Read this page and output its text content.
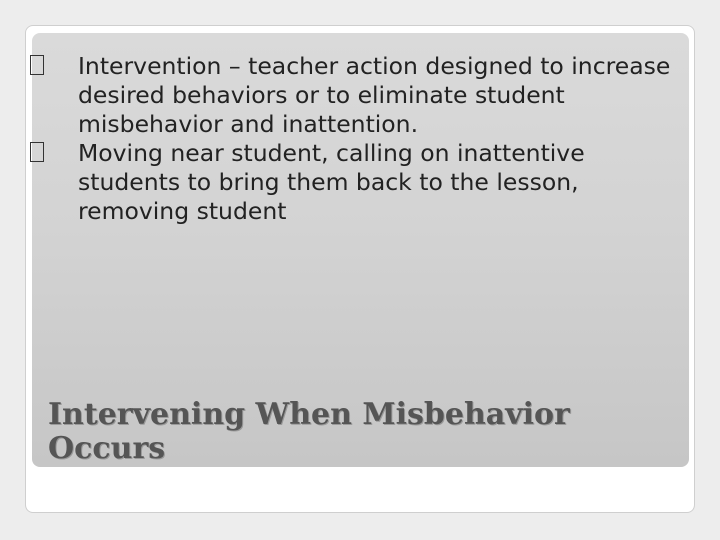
Intervention – teacher action designed to increase desired behaviors or to eliminate student misbehavior and inattention.
Moving near student, calling on inattentive students to bring them back to the lesson, removing student
Intervening When Misbehavior Occurs
